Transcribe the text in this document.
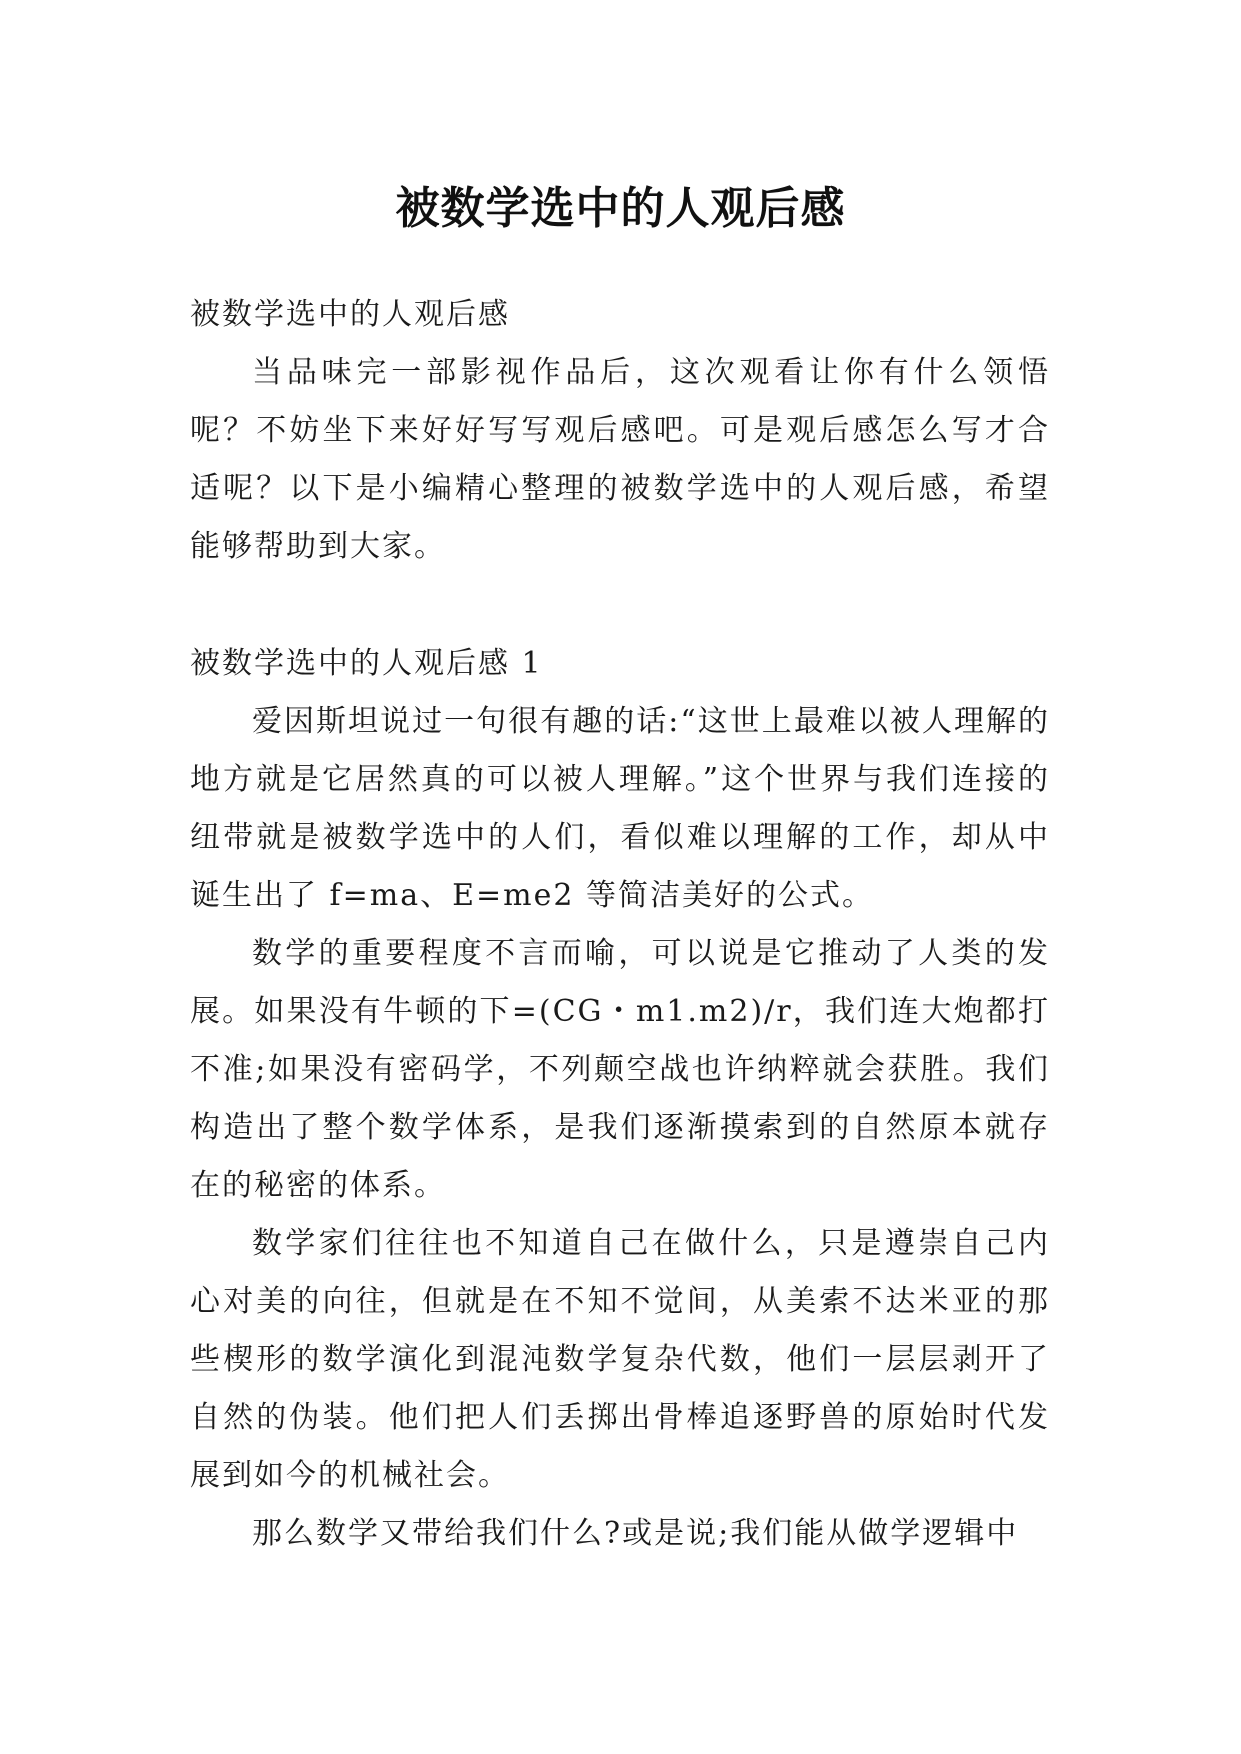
被数学选中的人观后感

被数学选中的人观后感

当品味完一部影视作品后，这次观看让你有什么领悟呢？不妨坐下来好好写写观后感吧。可是观后感怎么写才合适呢？以下是小编精心整理的被数学选中的人观后感，希望能够帮助到大家。

被数学选中的人观后感 1

爱因斯坦说过一句很有趣的话:“这世上最难以被人理解的地方就是它居然真的可以被人理解。”这个世界与我们连接的纽带就是被数学选中的人们，看似难以理解的工作，却从中诞生出了 f=ma、E=me2 等简洁美好的公式。

数学的重要程度不言而喻，可以说是它推动了人类的发展。如果没有牛顿的下=(CG・m1.m2)/r，我们连大炮都打不准;如果没有密码学，不列颠空战也许纳粹就会获胜。我们构造出了整个数学体系，是我们逐渐摸索到的自然原本就存在的秘密的体系。

数学家们往往也不知道自己在做什么，只是遵崇自己内心对美的向往，但就是在不知不觉间，从美索不达米亚的那些楔形的数学演化到混沌数学复杂代数，他们一层层剥开了自然的伪装。他们把人们丢掷出骨棒追逐野兽的原始时代发展到如今的机械社会。

那么数学又带给我们什么?或是说;我们能从做学逻辑中
